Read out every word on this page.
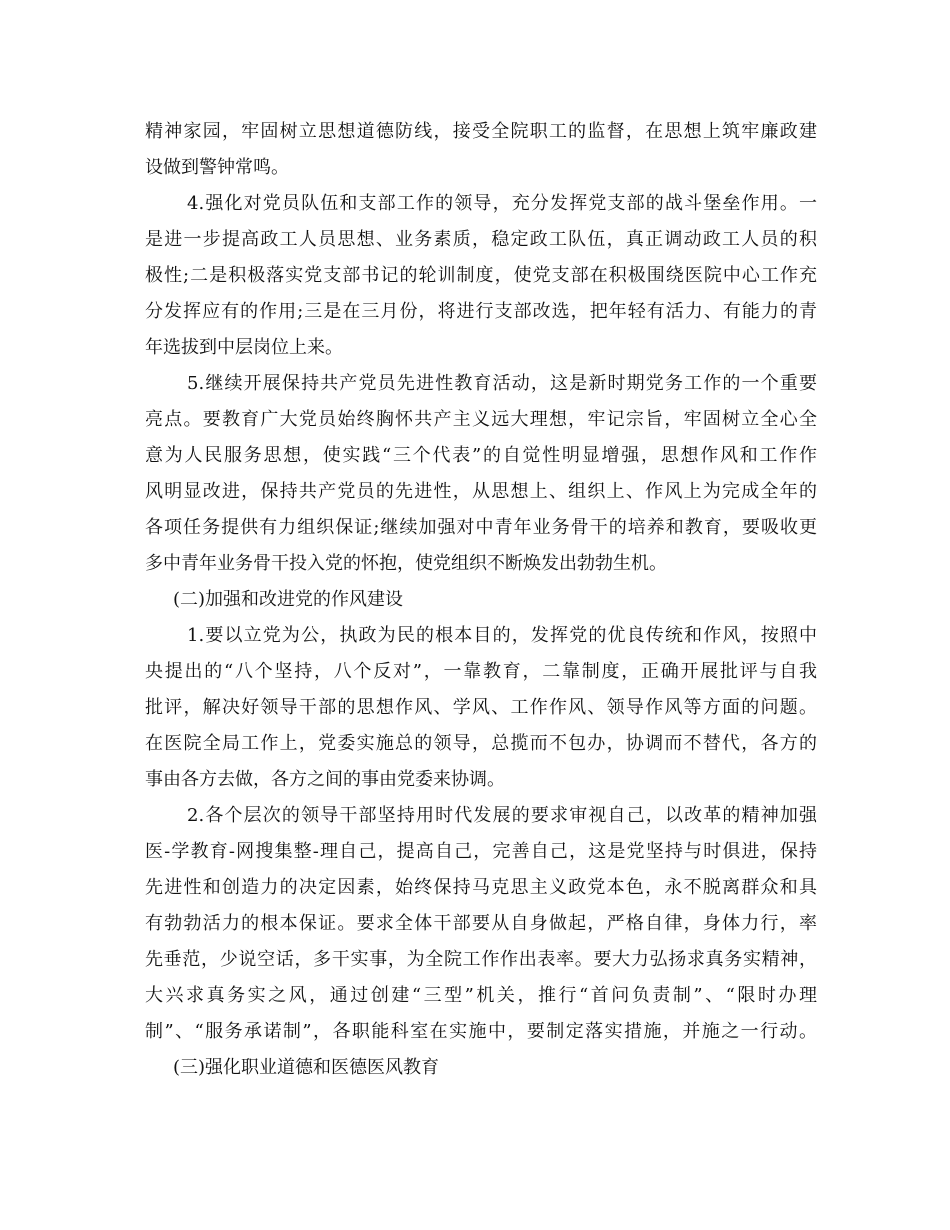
精神家园，牢固树立思想道德防线，接受全院职工的监督，在思想上筑牢廉政建
设做到警钟常鸣。
4.强化对党员队伍和支部工作的领导，充分发挥党支部的战斗堡垒作用。一
是进一步提高政工人员思想、业务素质，稳定政工队伍，真正调动政工人员的积
极性;二是积极落实党支部书记的轮训制度，使党支部在积极围绕医院中心工作充
分发挥应有的作用;三是在三月份，将进行支部改选，把年轻有活力、有能力的青
年选拔到中层岗位上来。
5.继续开展保持共产党员先进性教育活动，这是新时期党务工作的一个重要
亮点。要教育广大党员始终胸怀共产主义远大理想，牢记宗旨，牢固树立全心全
意为人民服务思想，使实践“三个代表”的自觉性明显增强，思想作风和工作作
风明显改进，保持共产党员的先进性，从思想上、组织上、作风上为完成全年的
各项任务提供有力组织保证;继续加强对中青年业务骨干的培养和教育，要吸收更
多中青年业务骨干投入党的怀抱，使党组织不断焕发出勃勃生机。
(二)加强和改进党的作风建设
1.要以立党为公，执政为民的根本目的，发挥党的优良传统和作风，按照中
央提出的“八个坚持，八个反对”，一靠教育，二靠制度，正确开展批评与自我
批评，解决好领导干部的思想作风、学风、工作作风、领导作风等方面的问题。
在医院全局工作上，党委实施总的领导，总揽而不包办，协调而不替代，各方的
事由各方去做，各方之间的事由党委来协调。
2.各个层次的领导干部坚持用时代发展的要求审视自己，以改革的精神加强
医-学教育-网搜集整-理自己，提高自己，完善自己，这是党坚持与时俱进，保持
先进性和创造力的决定因素，始终保持马克思主义政党本色，永不脱离群众和具
有勃勃活力的根本保证。要求全体干部要从自身做起，严格自律，身体力行，率
先垂范，少说空话，多干实事，为全院工作作出表率。要大力弘扬求真务实精神，
大兴求真务实之风，通过创建“三型”机关，推行“首问负责制”、“限时办理
制”、“服务承诺制”，各职能科室在实施中，要制定落实措施，并施之一行动。
(三)强化职业道德和医德医风教育
